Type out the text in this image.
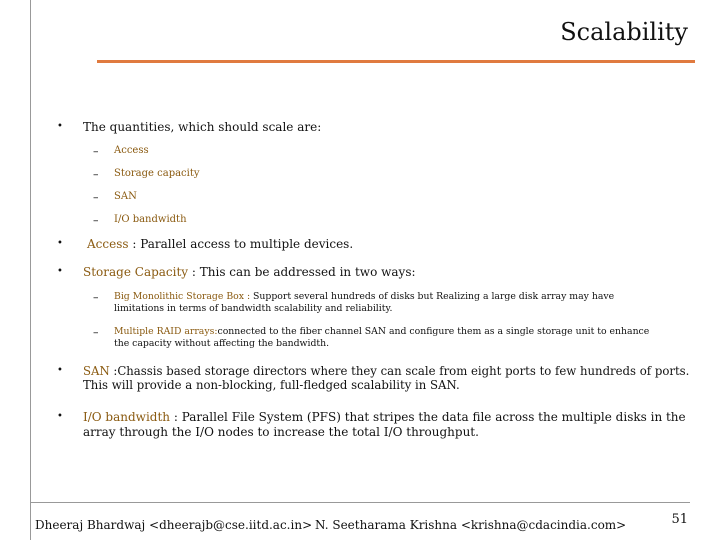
Scalability
• The quantities, which should scale are:
– Access
– Storage capacity
– SAN
– I/O bandwidth
• Access : Parallel access to multiple devices.
• Storage Capacity : This can be addressed in two ways:
– Big Monolithic Storage Box : Support several hundreds of disks but Realizing a large disk array may have
limitations in terms of bandwidth scalability and reliability.
– Multiple RAID arrays:connected to the fiber channel SAN and configure them as a single storage unit to enhance
the capacity without affecting the bandwidth.
• SAN :Chassis based storage directors where they can scale from eight ports to few hundreds of ports.
This will provide a non-blocking, full-fledged scalability in SAN.
• I/O bandwidth : Parallel File System (PFS) that stripes the data file across the multiple disks in the
array through the I/O nodes to increase the total I/O throughput.
Dheeraj Bhardwaj <dheerajb@cse.iitd.ac.in> N. Seetharama Krishna <krishna@cdacindia.com>	51
